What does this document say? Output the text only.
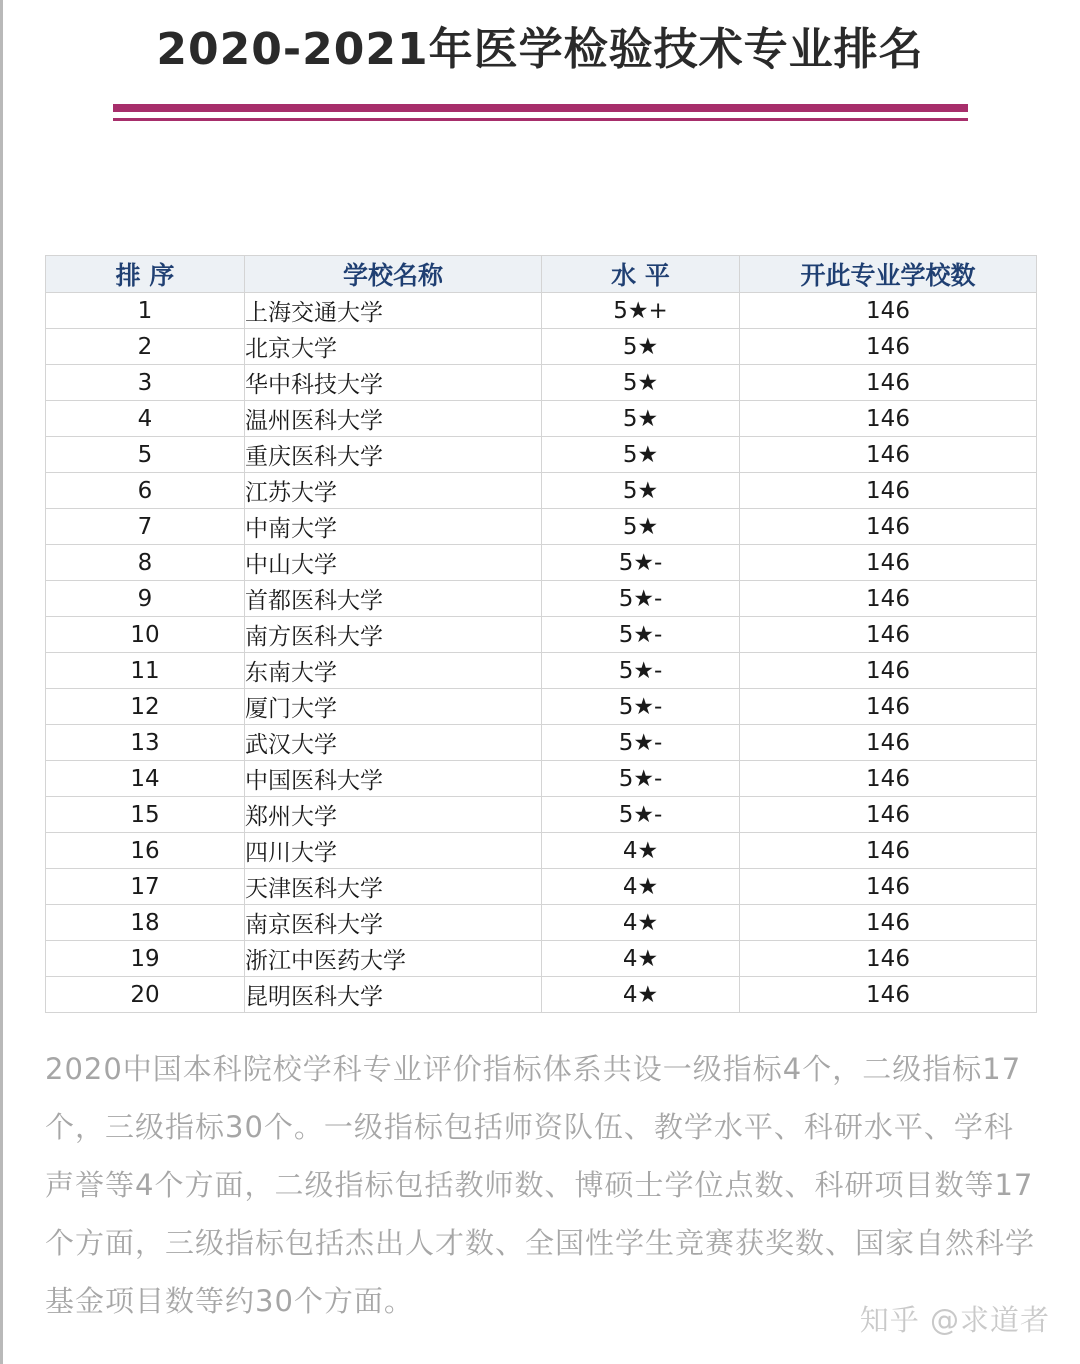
2020-2021年医学检验技术专业排名
排 序	学校名称	水 平	开此专业学校数
1	上海交通大学	5★+	146
2	北京大学	5★	146
3	华中科技大学	5★	146
4	温州医科大学	5★	146
5	重庆医科大学	5★	146
6	江苏大学	5★	146
7	中南大学	5★	146
8	中山大学	5★-	146
9	首都医科大学	5★-	146
10	南方医科大学	5★-	146
11	东南大学	5★-	146
12	厦门大学	5★-	146
13	武汉大学	5★-	146
14	中国医科大学	5★-	146
15	郑州大学	5★-	146
16	四川大学	4★	146
17	天津医科大学	4★	146
18	南京医科大学	4★	146
19	浙江中医药大学	4★	146
20	昆明医科大学	4★	146

2020中国本科院校学科专业评价指标体系共设一级指标4个，二级指标17个，三级指标30个。一级指标包括师资队伍、教学水平、科研水平、学科声誉等4个方面，二级指标包括教师数、博硕士学位点数、科研项目数等17个方面，三级指标包括杰出人才数、全国性学生竞赛获奖数、国家自然科学基金项目数等约30个方面。

知乎 @求道者
